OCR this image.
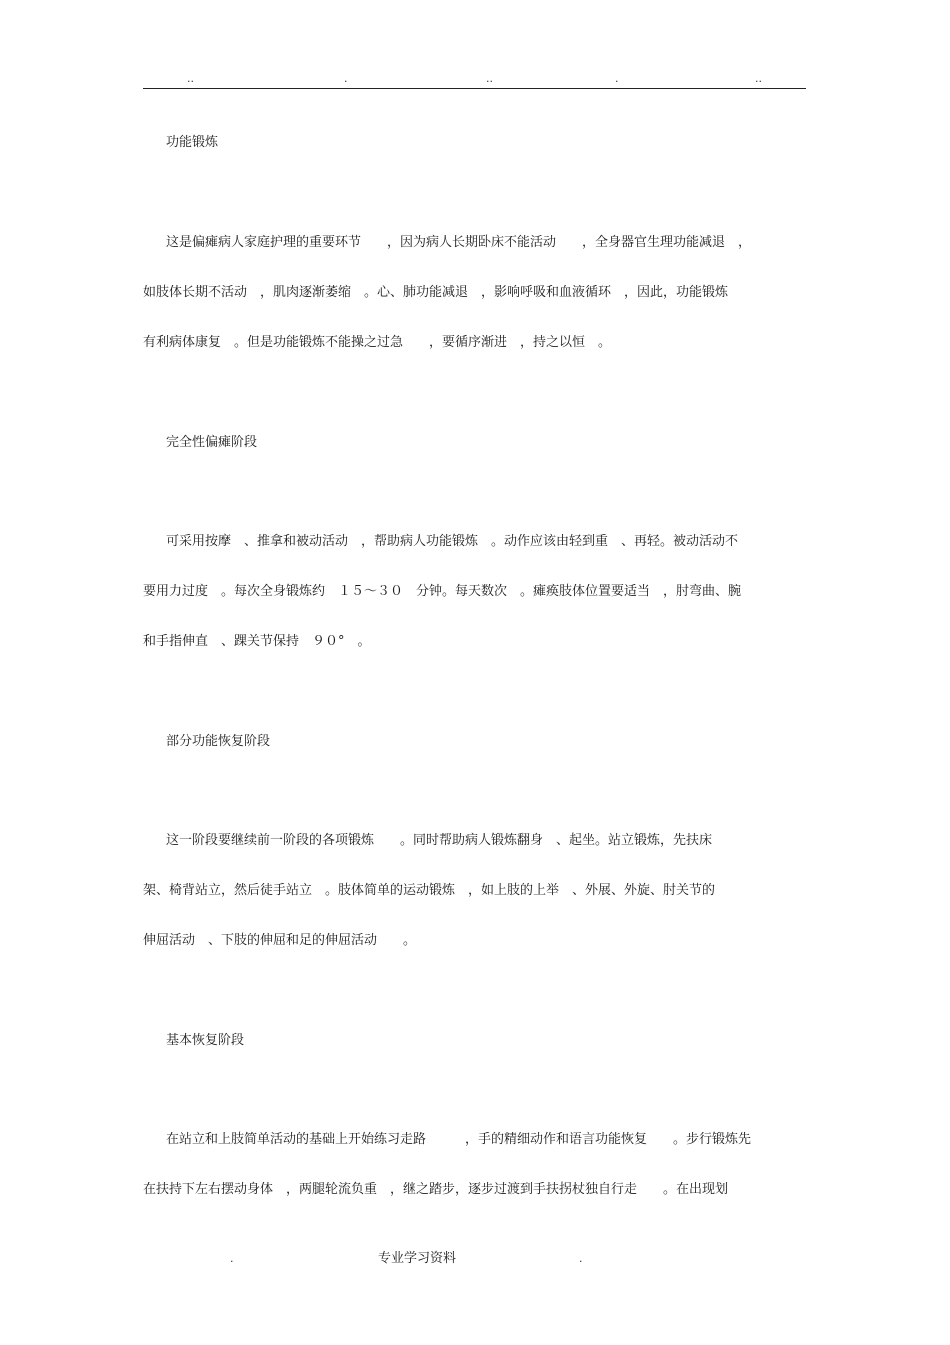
..	.	..	.	..
功能锻炼
这是偏瘫病人家庭护理的重要环节　　，因为病人长期卧床不能活动　　，全身器官生理功能减退　，
如肢体长期不活动　，肌肉逐渐萎缩　。心、肺功能减退　，影响呼吸和血液循环　，因此，功能锻炼
有利病体康复　。但是功能锻炼不能操之过急　　，要循序渐进　，持之以恒　。
完全性偏瘫阶段
可采用按摩　、推拿和被动活动　，帮助病人功能锻炼　。动作应该由轻到重　、再轻。被动活动不
要用力过度　。每次全身锻炼约　１５～３０　分钟。每天数次　。瘫痪肢体位置要适当　，肘弯曲、腕
和手指伸直　、踝关节保持　９０°　。
部分功能恢复阶段
这一阶段要继续前一阶段的各项锻炼　　。同时帮助病人锻炼翻身　、起坐。站立锻炼，先扶床
架、椅背站立，然后徒手站立　。肢体简单的运动锻炼　，如上肢的上举　、外展、外旋、肘关节的
伸屈活动　、下肢的伸屈和足的伸屈活动　　。
基本恢复阶段
在站立和上肢简单活动的基础上开始练习走路　　　，手的精细动作和语言功能恢复　　。步行锻炼先
在扶持下左右摆动身体　，两腿轮流负重　，继之踏步，逐步过渡到手扶拐杖独自行走　　。在出现划
.	专业学习资料	.
